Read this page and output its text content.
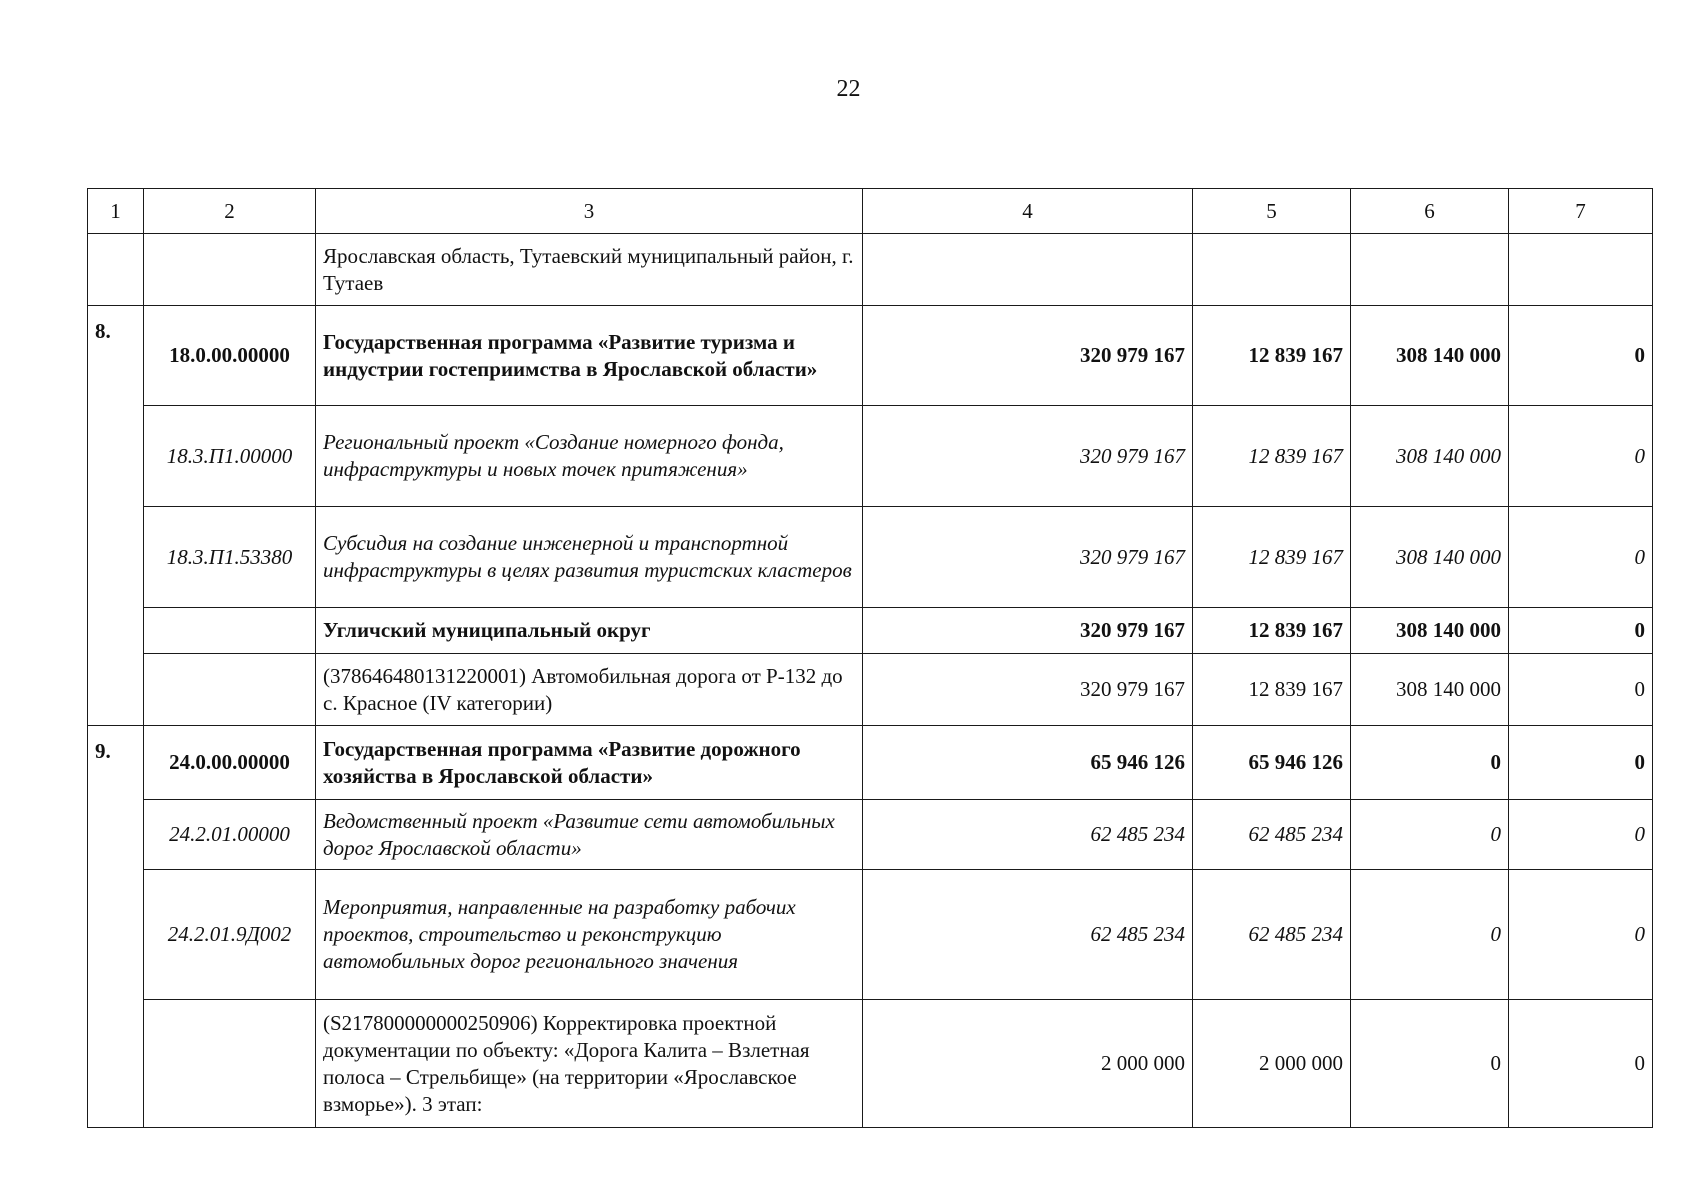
22
1	2	3	4	5	6	7
		Ярославская область, Тутаевский муниципальный район, г. Тутаев				
8.	18.0.00.00000	Государственная программа «Развитие туризма и индустрии гостеприимства в Ярославской области»	320 979 167	12 839 167	308 140 000	0
	18.3.П1.00000	Региональный проект «Создание номерного фонда, инфраструктуры и новых точек притяжения»	320 979 167	12 839 167	308 140 000	0
	18.3.П1.53380	Субсидия на создание инженерной и транспортной инфраструктуры в целях развития туристских кластеров	320 979 167	12 839 167	308 140 000	0
		Угличский муниципальный округ	320 979 167	12 839 167	308 140 000	0
		(378646480131220001) Автомобильная дорога от Р-132 до с. Красное (IV категории)	320 979 167	12 839 167	308 140 000	0
9.	24.0.00.00000	Государственная программа «Развитие дорожного хозяйства в Ярославской области»	65 946 126	65 946 126	0	0
	24.2.01.00000	Ведомственный проект «Развитие сети автомобильных дорог Ярославской области»	62 485 234	62 485 234	0	0
	24.2.01.9Д002	Мероприятия, направленные на разработку рабочих проектов, строительство и реконструкцию автомобильных дорог регионального значения	62 485 234	62 485 234	0	0
		(S217800000000250906) Корректировка проектной документации по объекту: «Дорога Калита – Взлетная полоса – Стрельбище» (на территории «Ярославское взморье»). 3 этап:	2 000 000	2 000 000	0	0
